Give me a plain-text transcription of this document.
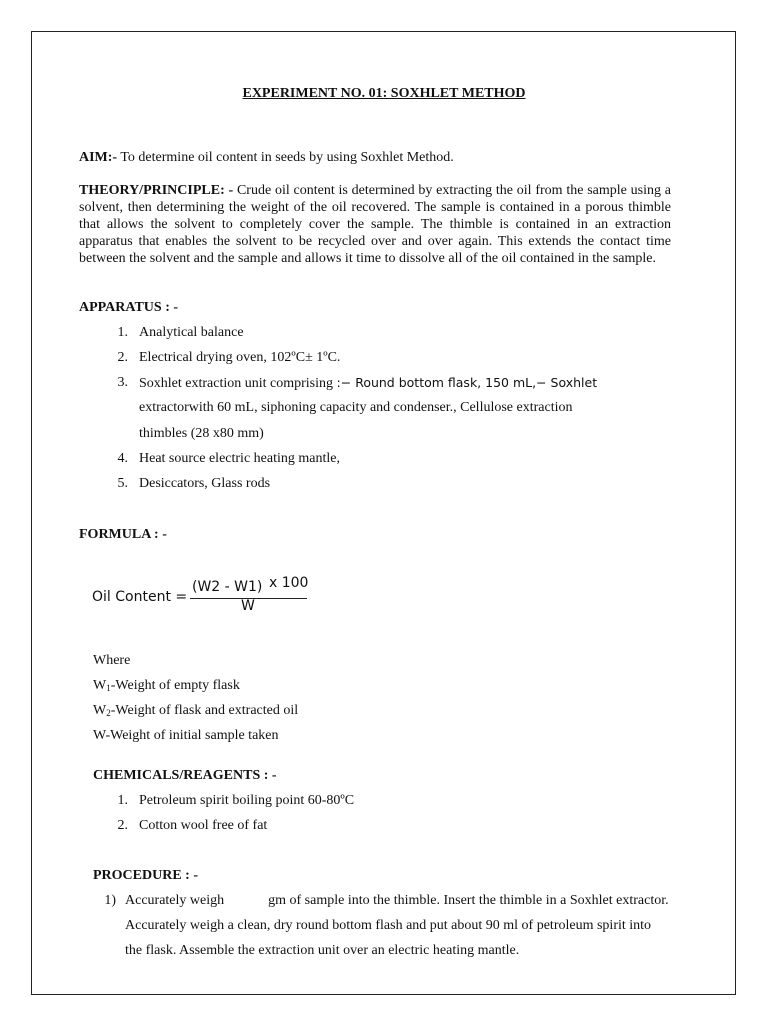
EXPERIMENT NO. 01: SOXHLET METHOD
AIM:- To determine oil content in seeds by using Soxhlet Method.
THEORY/PRINCIPLE: - Crude oil content is determined by extracting the oil from the sample using a solvent, then determining the weight of the oil recovered. The sample is contained in a porous thimble that allows the solvent to completely cover the sample. The thimble is contained in an extraction apparatus that enables the solvent to be recycled over and over again. This extends the contact time between the solvent and the sample and allows it time to dissolve all of the oil contained in the sample.
APPARATUS : -
1. Analytical balance
2. Electrical drying oven, 102ºC± 1ºC.
3. Soxhlet extraction unit comprising :− Round bottom flask, 150 mL,− Soxhlet
extractorwith 60 mL, siphoning capacity and condenser., Cellulose extraction
thimbles (28 x80 mm)
4. Heat source electric heating mantle,
5. Desiccators, Glass rods
FORMULA : -
Oil Content =
(W2 - W1) x 100
W
Where
$W_1$-Weight of empty flask
$W_2$-Weight of flask and extracted oil
W-Weight of initial sample taken
CHEMICALS/REAGENTS : -
1. Petroleum spirit boiling point 60-80ºC
2. Cotton wool free of fat
PROCEDURE : -
1) Accurately weigh	gm of sample into the thimble. Insert the thimble in a Soxhlet extractor.
Accurately weigh a clean, dry round bottom flash and put about 90 ml of petroleum spirit into
the flask. Assemble the extraction unit over an electric heating mantle.
